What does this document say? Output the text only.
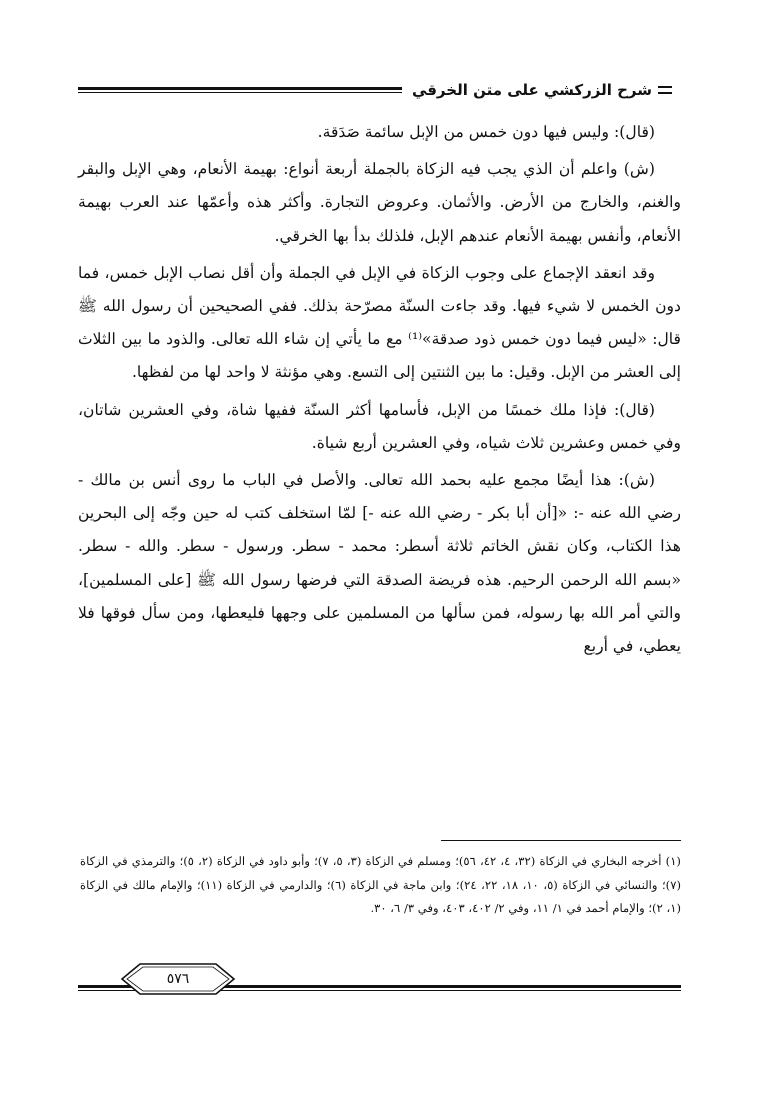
شرح الزركشي على متن الخرقي

(قال): وليس فيها دون خمس من الإبل سائمة صَدَقة.

(ش) واعلم أن الذي يجب فيه الزكاة بالجملة أربعة أنواع: بهيمة الأنعام، وهي الإبل والبقر والغنم، والخارج من الأرض. والأثمان. وعروض التجارة. وأكثر هذه وأعمّها عند العرب بهيمة الأنعام، وأنفس بهيمة الأنعام عندهم الإبل، فلذلك بدأ بها الخرقي.

وقد انعقد الإجماع على وجوب الزكاة في الإبل في الجملة وأن أقل نصاب الإبل خمس، فما دون الخمس لا شيء فيها. وقد جاءت السنّة مصرّحة بذلك. ففي الصحيحين أن رسول الله ﷺ قال: «ليس فيما دون خمس ذود صدقة»⁽¹⁾ مع ما يأتي إن شاء الله تعالى. والذود ما بين الثلاث إلى العشر من الإبل. وقيل: ما بين الثنتين إلى التسع. وهي مؤنثة لا واحد لها من لفظها.

(قال): فإذا ملك خمسًا من الإبل، فأسامها أكثر السنّة ففيها شاة، وفي العشرين شاتان، وفي خمس وعشرين ثلاث شياه، وفي العشرين أربع شياة.

(ش): هذا أيضًا مجمع عليه بحمد الله تعالى. والأصل في الباب ما روى أنس بن مالك - رضي الله عنه -: «[أن أبا بكر - رضي الله عنه -] لمّا استخلف كتب له حين وجّه إلى البحرين هذا الكتاب، وكان نقش الخاتم ثلاثة أسطر: محمد - سطر. ورسول - سطر. والله - سطر. «بسم الله الرحمن الرحيم. هذه فريضة الصدقة التي فرضها رسول الله ﷺ [على المسلمين]، والتي أمر الله بها رسوله، فمن سألها من المسلمين على وجهها فليعطها، ومن سأل فوقها فلا يعطي، في أربع

(١) أخرجه البخاري في الزكاة (٣٢، ٤، ٤٢، ٥٦)؛ ومسلم في الزكاة (٣، ٥، ٧)؛ وأبو داود في الزكاة (٢، ٥)؛ والترمذي في الزكاة (٧)؛ والنسائي في الزكاة (٥، ١٠، ١٨، ٢٢، ٢٤)؛ وابن ماجة في الزكاة (٦)؛ والدارمي في الزكاة (١١)؛ والإمام مالك في الزكاة (١، ٢)؛ والإمام أحمد في ١/ ١١، وفي ٢/ ٤٠٢، ٤٠٣، وفي ٣/ ٦، ٣٠.

٥٧٦
